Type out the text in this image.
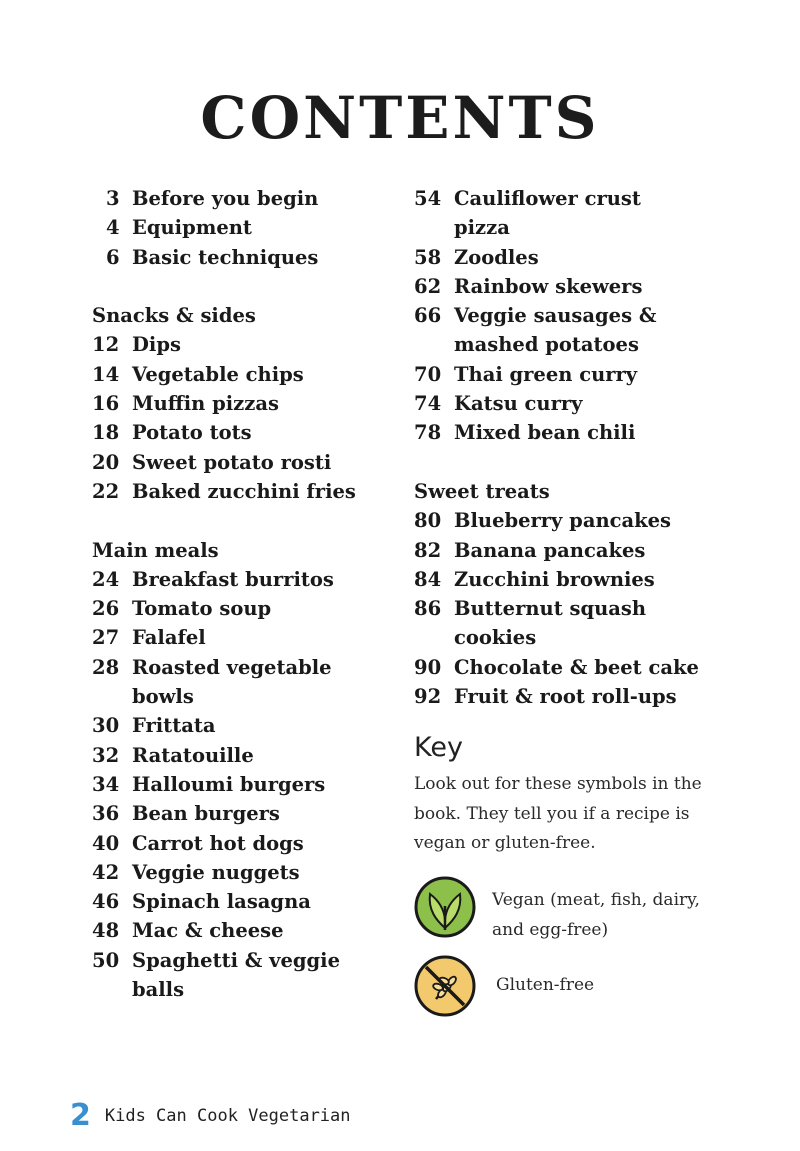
CONTENTS
3 Before you begin
4 Equipment
6 Basic techniques
Snacks & sides
12 Dips
14 Vegetable chips
16 Muffin pizzas
18 Potato tots
20 Sweet potato rosti
22 Baked zucchini fries
Main meals
24 Breakfast burritos
26 Tomato soup
27 Falafel
28 Roasted vegetable
bowls
30 Frittata
32 Ratatouille
34 Halloumi burgers
36 Bean burgers
40 Carrot hot dogs
42 Veggie nuggets
46 Spinach lasagna
48 Mac & cheese
50 Spaghetti & veggie
balls
54 Cauliflower crust
pizza
58 Zoodles
62 Rainbow skewers
66 Veggie sausages &
mashed potatoes
70 Thai green curry
74 Katsu curry
78 Mixed bean chili
Sweet treats
80 Blueberry pancakes
82 Banana pancakes
84 Zucchini brownies
86 Butternut squash
cookies
90 Chocolate & beet cake
92 Fruit & root roll-ups
Key
Look out for these symbols in the book. They tell you if a recipe is vegan or gluten-free.
Vegan (meat, fish, dairy, and egg-free)
Gluten-free
2 Kids Can Cook Vegetarian
